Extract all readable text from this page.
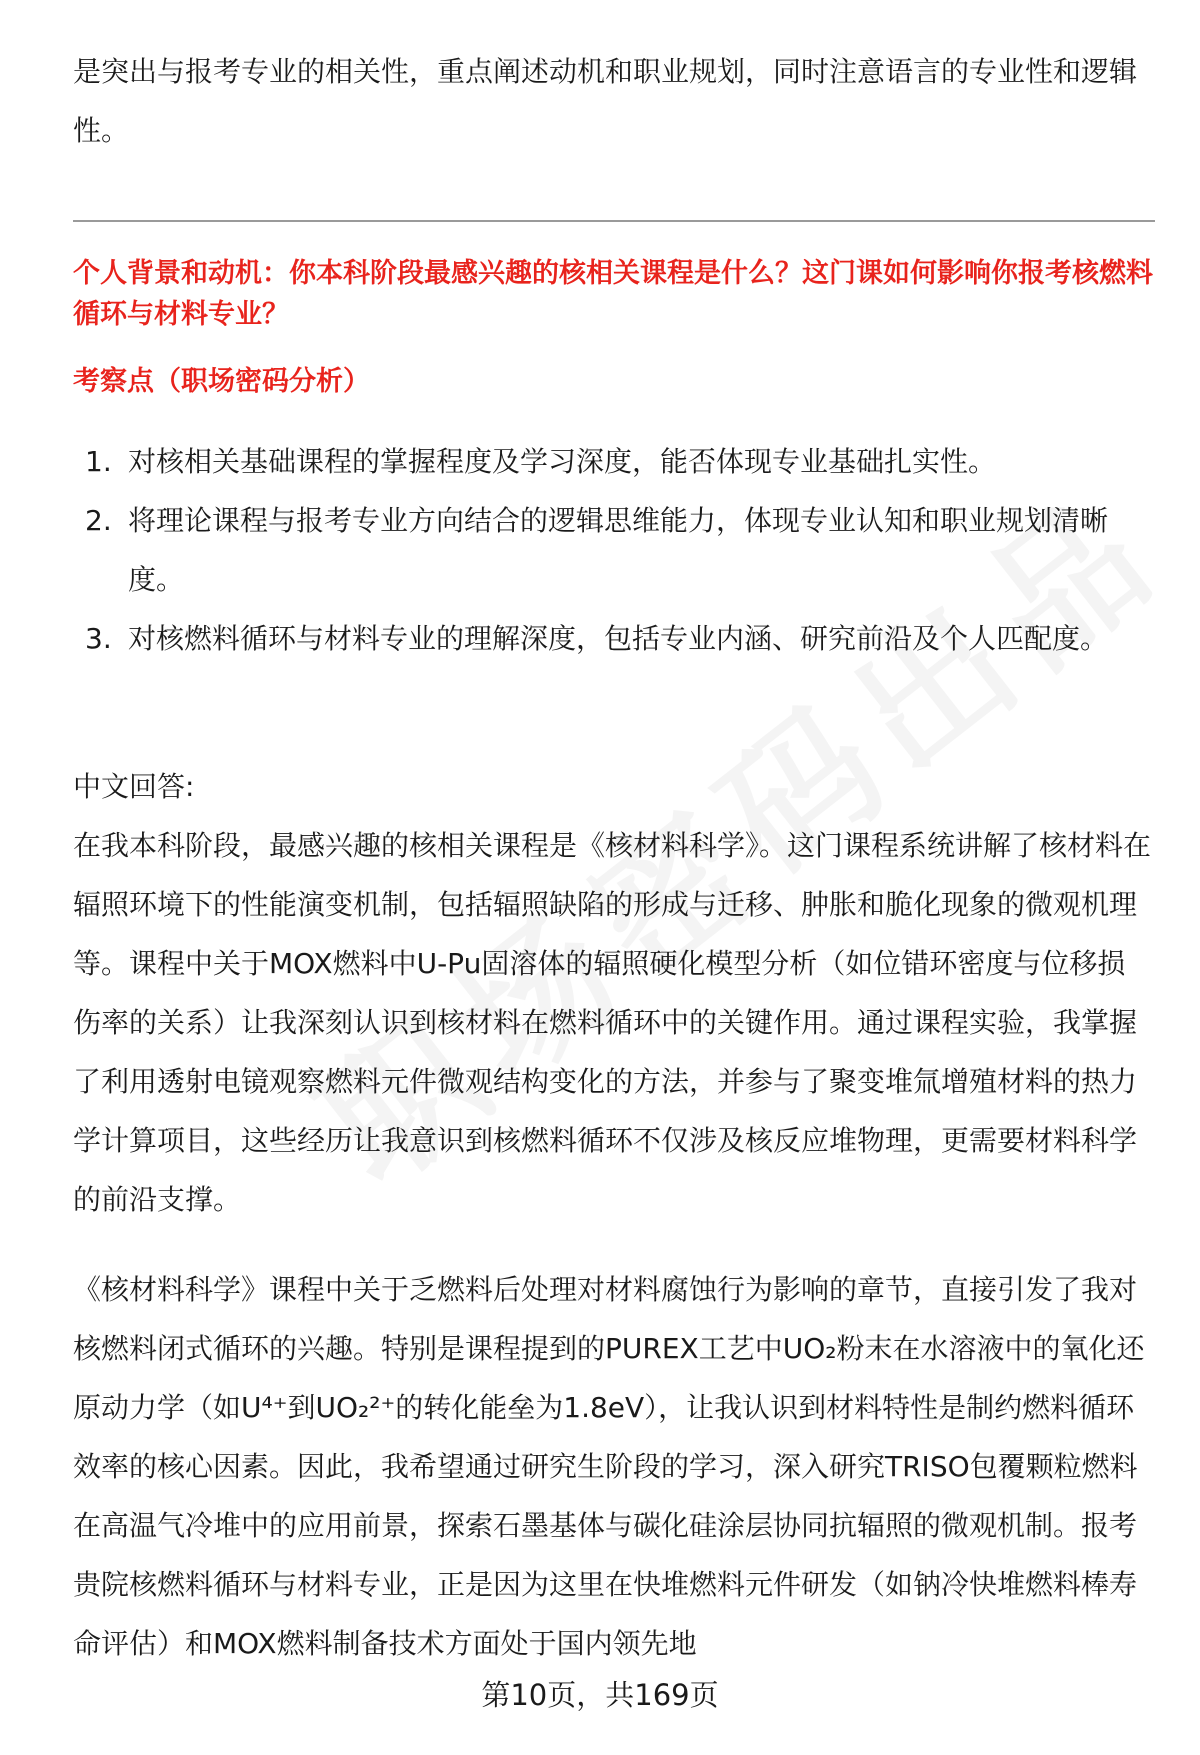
是突出与报考专业的相关性，重点阐述动机和职业规划，同时注意语言的专业性和逻辑性。

个人背景和动机：你本科阶段最感兴趣的核相关课程是什么？这门课如何影响你报考核燃料循环与材料专业？

考察点（职场密码分析）

1. 对核相关基础课程的掌握程度及学习深度，能否体现专业基础扎实性。
2. 将理论课程与报考专业方向结合的逻辑思维能力，体现专业认知和职业规划清晰度。
3. 对核燃料循环与材料专业的理解深度，包括专业内涵、研究前沿及个人匹配度。

中文回答:

在我本科阶段，最感兴趣的核相关课程是《核材料科学》。这门课程系统讲解了核材料在辐照环境下的性能演变机制，包括辐照缺陷的形成与迁移、肿胀和脆化现象的微观机理等。课程中关于MOX燃料中U-Pu固溶体的辐照硬化模型分析（如位错环密度与位移损伤率的关系）让我深刻认识到核材料在燃料循环中的关键作用。通过课程实验，我掌握了利用透射电镜观察燃料元件微观结构变化的方法，并参与了聚变堆氚增殖材料的热力学计算项目，这些经历让我意识到核燃料循环不仅涉及核反应堆物理，更需要材料科学的前沿支撑。

《核材料科学》课程中关于乏燃料后处理对材料腐蚀行为影响的章节，直接引发了我对核燃料闭式循环的兴趣。特别是课程提到的PUREX工艺中UO₂粉末在水溶液中的氧化还原动力学（如U⁴⁺到UO₂²⁺的转化能垒为1.8eV），让我认识到材料特性是制约燃料循环效率的核心因素。因此，我希望通过研究生阶段的学习，深入研究TRISO包覆颗粒燃料在高温气冷堆中的应用前景，探索石墨基体与碳化硅涂层协同抗辐照的微观机制。报考贵院核燃料循环与材料专业，正是因为这里在快堆燃料元件研发（如钠冷快堆燃料棒寿命评估）和MOX燃料制备技术方面处于国内领先地

第10页，共169页
